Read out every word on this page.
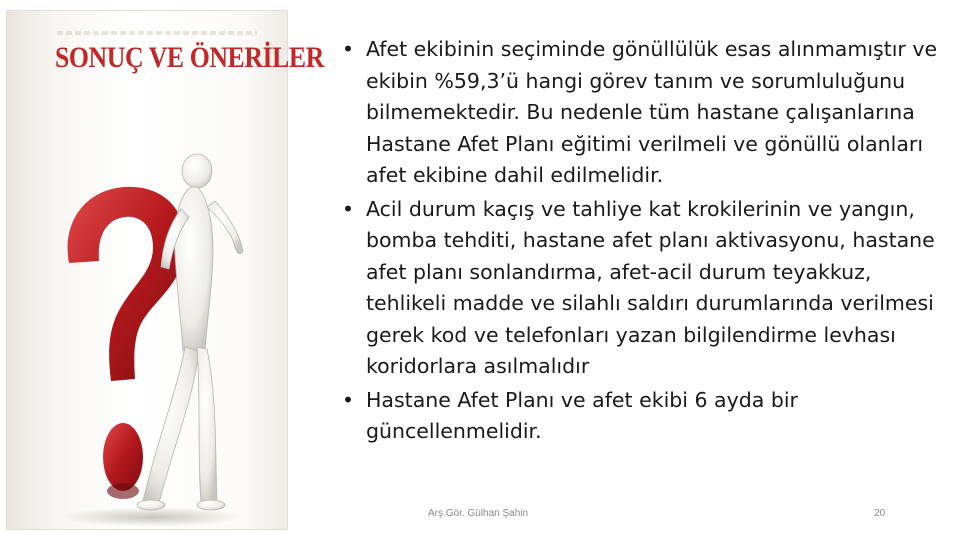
SONUÇ VE ÖNERİLER • Afet ekibinin seçiminde gönüllülük esas alınmamıştır ve ekibin %59,3’ü hangi görev tanım ve sorumluluğunu bilmemektedir. Bu nedenle tüm hastane çalışanlarına Hastane Afet Planı eğitimi verilmeli ve gönüllü olanları afet ekibine dahil edilmelidir.
• Acil durum kaçış ve tahliye kat krokilerinin ve yangın, bomba tehditi, hastane afet planı aktivasyonu, hastane afet planı sonlandırma, afet-acil durum teyakkuz, tehlikeli madde ve silahlı saldırı durumlarında verilmesi gerek kod ve telefonları yazan bilgilendirme levhası koridorlara asılmalıdır
• Hastane Afet Planı ve afet ekibi 6 ayda bir güncellenmelidir.
Arş.Gör. Gülhan Şahin	20
